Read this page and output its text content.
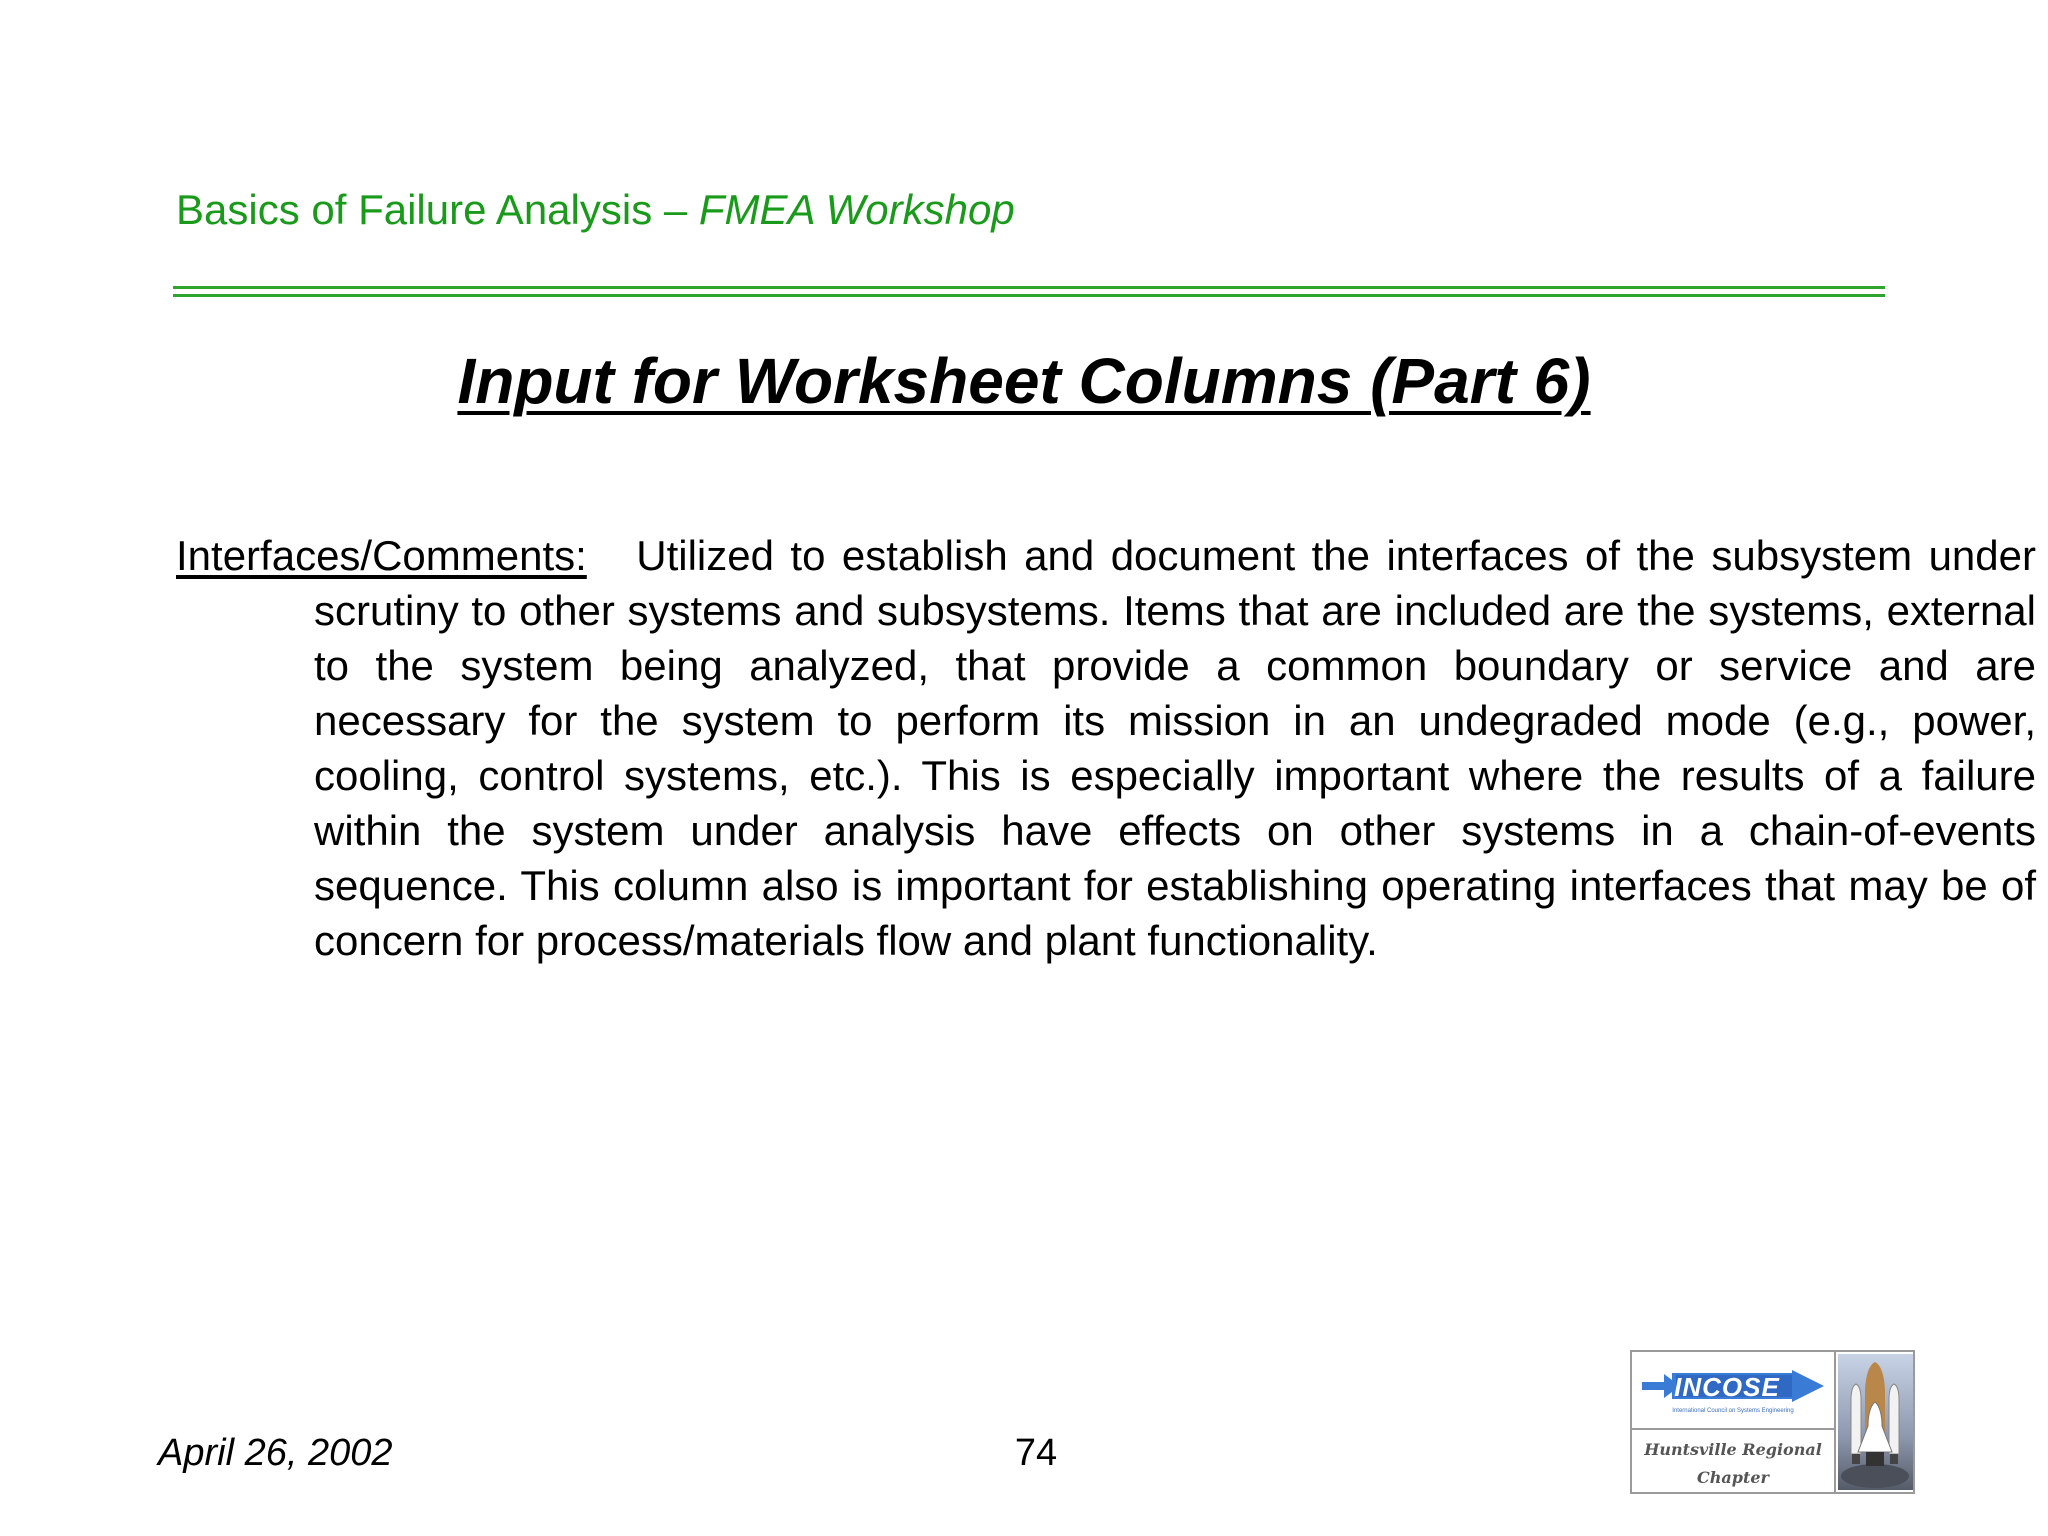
Basics of Failure Analysis – FMEA Workshop
Input for Worksheet Columns (Part 6)
Interfaces/Comments: Utilized to establish and document the interfaces of the subsystem under scrutiny to other systems and subsystems. Items that are included are the systems, external to the system being analyzed, that provide a common boundary or service and are necessary for the system to perform its mission in an undegraded mode (e.g., power, cooling, control systems, etc.). This is especially important where the results of a failure within the system under analysis have effects on other systems in a chain-of-events sequence. This column also is important for establishing operating interfaces that may be of concern for process/materials flow and plant functionality.
April 26, 2002	74
INCOSE
International Council on Systems Engineering
Huntsville Regional
Chapter
